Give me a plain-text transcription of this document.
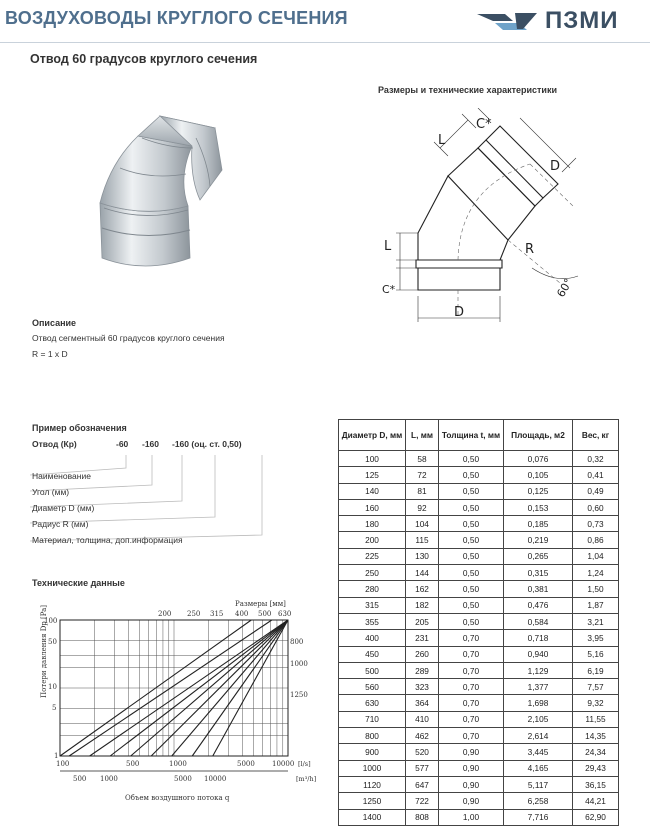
ВОЗДУХОВОДЫ КРУГЛОГО СЕЧЕНИЯ	ПЗМИ
Отвод 60 градусов круглого сечения
Размеры и технические характеристики
C*
L
D
R
L
C*
D
60°
Описание
Отвод сегментный 60 градусов круглого сечения
R = 1 x D
Пример обозначения
Отвод (Кр)	-60 -160 -160 (оц. ст. 0,50)
Наименование
Угол (мм)
Диаметр D (мм)
Радиус R (мм)
Материал, толщина, доп.информация
Технические данные
Размеры [мм]
200 250 315 400 500 630
800
1000
1250
Потери давления Dp [Pa]
100
50
10
5
1
100	500	1000	5000 10000 [l/s]
500 1000	5000 10000	[m³/h]
Объем воздушного потока q
Диаметр D, мм	L, мм	Толщина t, мм	Площадь, м2	Вес, кг
100	58	0,50	0,076	0,32
125	72	0,50	0,105	0,41
140	81	0,50	0,125	0,49
160	92	0,50	0,153	0,60
180	104	0,50	0,185	0,73
200	115	0,50	0,219	0,86
225	130	0,50	0,265	1,04
250	144	0,50	0,315	1,24
280	162	0,50	0,381	1,50
315	182	0,50	0,476	1,87
355	205	0,50	0,584	3,21
400	231	0,70	0,718	3,95
450	260	0,70	0,940	5,16
500	289	0,70	1,129	6,19
560	323	0,70	1,377	7,57
630	364	0,70	1,698	9,32
710	410	0,70	2,105	11,55
800	462	0,70	2,614	14,35
900	520	0,90	3,445	24,34
1000	577	0,90	4,165	29,43
1120	647	0,90	5,117	36,15
1250	722	0,90	6,258	44,21
1400	808	1,00	7,716	62,90
